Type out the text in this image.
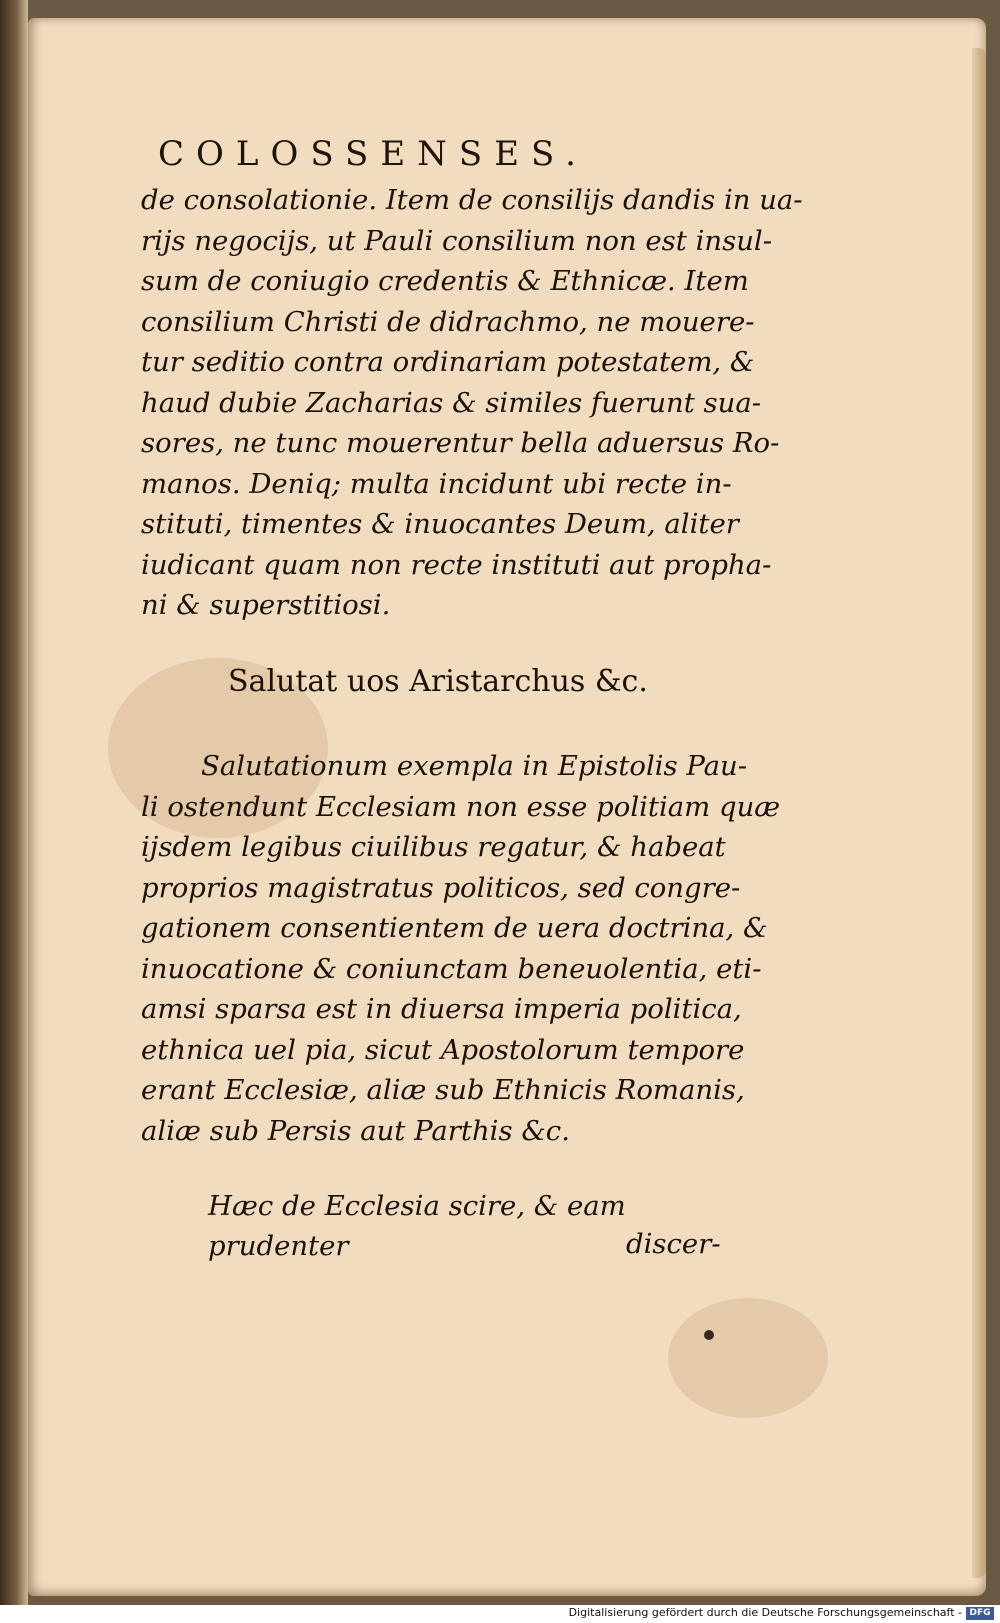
COLOSSENSES.
de consolationie. Item de consilijs dandis in ua-
rijs negocijs, ut Pauli consilium non est insul-
sum de coniugio credentis & Ethnicæ. Item
consilium Christi de didrachmo, ne mouere-
tur seditio contra ordinariam potestatem, &
haud dubie Zacharias & similes fuerunt sua-
sores, ne tunc mouerentur bella aduersus Ro-
manos. Deniq; multa incidunt ubi recte in-
stituti, timentes & inuocantes Deum, aliter
iudicant quam non recte instituti aut propha-
ni & superstitiosi.
Salutat uos Aristarchus &c.
Salutationum exempla in Epistolis Pau-
li ostendunt Ecclesiam non esse politiam quæ
ijsdem legibus ciuilibus regatur, & habeat
proprios magistratus politicos, sed congre-
gationem consentientem de uera doctrina, &
inuocatione & coniunctam beneuolentia, eti-
amsi sparsa est in diuersa imperia politica,
ethnica uel pia, sicut Apostolorum tempore
erant Ecclesiæ, aliæ sub Ethnicis Romanis,
aliæ sub Persis aut Parthis &c.
Hæc de Ecclesia scire, & eam prudenter	discer-
Digitalisierung gefördert durch die Deutsche Forschungsgemeinschaft - DFG
